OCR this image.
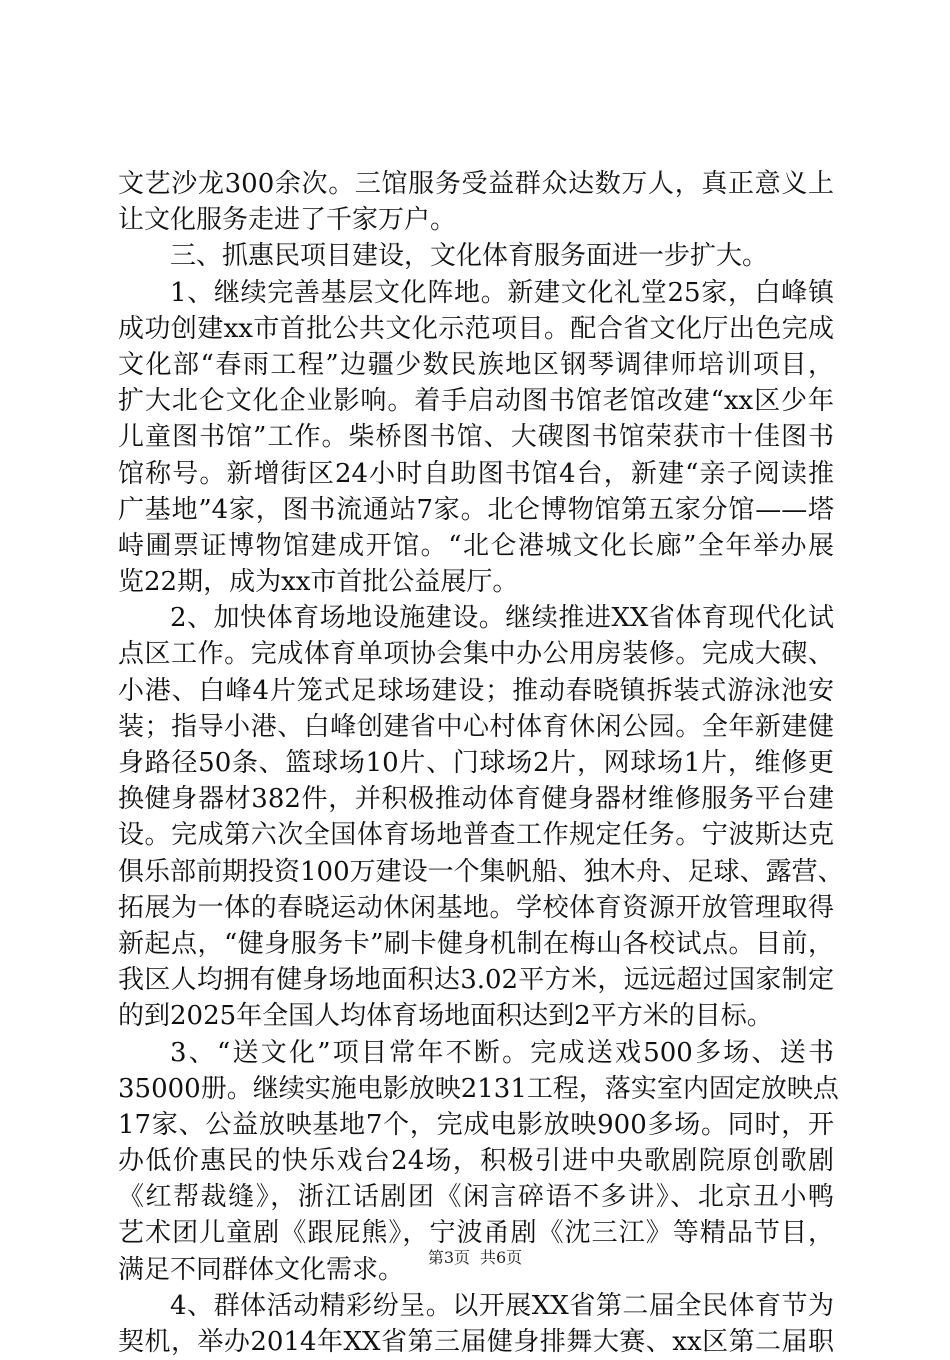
文艺沙龙300余次。三馆服务受益群众达数万人，真正意义上
让文化服务走进了千家万户。
三、抓惠民项目建设，文化体育服务面进一步扩大。
1、继续完善基层文化阵地。新建文化礼堂25家，白峰镇
成功创建xx市首批公共文化示范项目。配合省文化厅出色完成
文化部“春雨工程”边疆少数民族地区钢琴调律师培训项目，
扩大北仑文化企业影响。着手启动图书馆老馆改建“xx区少年
儿童图书馆”工作。柴桥图书馆、大碶图书馆荣获市十佳图书
馆称号。新增街区24小时自助图书馆4台，新建“亲子阅读推
广基地”4家，图书流通站7家。北仑博物馆第五家分馆——塔
峙圃票证博物馆建成开馆。“北仑港城文化长廊”全年举办展
览22期，成为xx市首批公益展厅。
2、加快体育场地设施建设。继续推进XX省体育现代化试
点区工作。完成体育单项协会集中办公用房装修。完成大碶、
小港、白峰4片笼式足球场建设；推动春晓镇拆装式游泳池安
装；指导小港、白峰创建省中心村体育休闲公园。全年新建健
身路径50条、篮球场10片、门球场2片，网球场1片，维修更
换健身器材382件，并积极推动体育健身器材维修服务平台建
设。完成第六次全国体育场地普查工作规定任务。宁波斯达克
俱乐部前期投资100万建设一个集帆船、独木舟、足球、露营、
拓展为一体的春晓运动休闲基地。学校体育资源开放管理取得
新起点，“健身服务卡”刷卡健身机制在梅山各校试点。目前，
我区人均拥有健身场地面积达3.02平方米，远远超过国家制定
的到2025年全国人均体育场地面积达到2平方米的目标。
3、“送文化”项目常年不断。完成送戏500多场、送书
35000册。继续实施电影放映2131工程，落实室内固定放映点
17家、公益放映基地7个，完成电影放映900多场。同时，开
办低价惠民的快乐戏台24场，积极引进中央歌剧院原创歌剧
《红帮裁缝》，浙江话剧团《闲言碎语不多讲》、北京丑小鸭
艺术团儿童剧《跟屁熊》，宁波甬剧《沈三江》等精品节目，
满足不同群体文化需求。
4、群体活动精彩纷呈。以开展XX省第二届全民体育节为
契机，举办2014年XX省第三届健身排舞大赛、xx区第二届职
第3页 共6页
